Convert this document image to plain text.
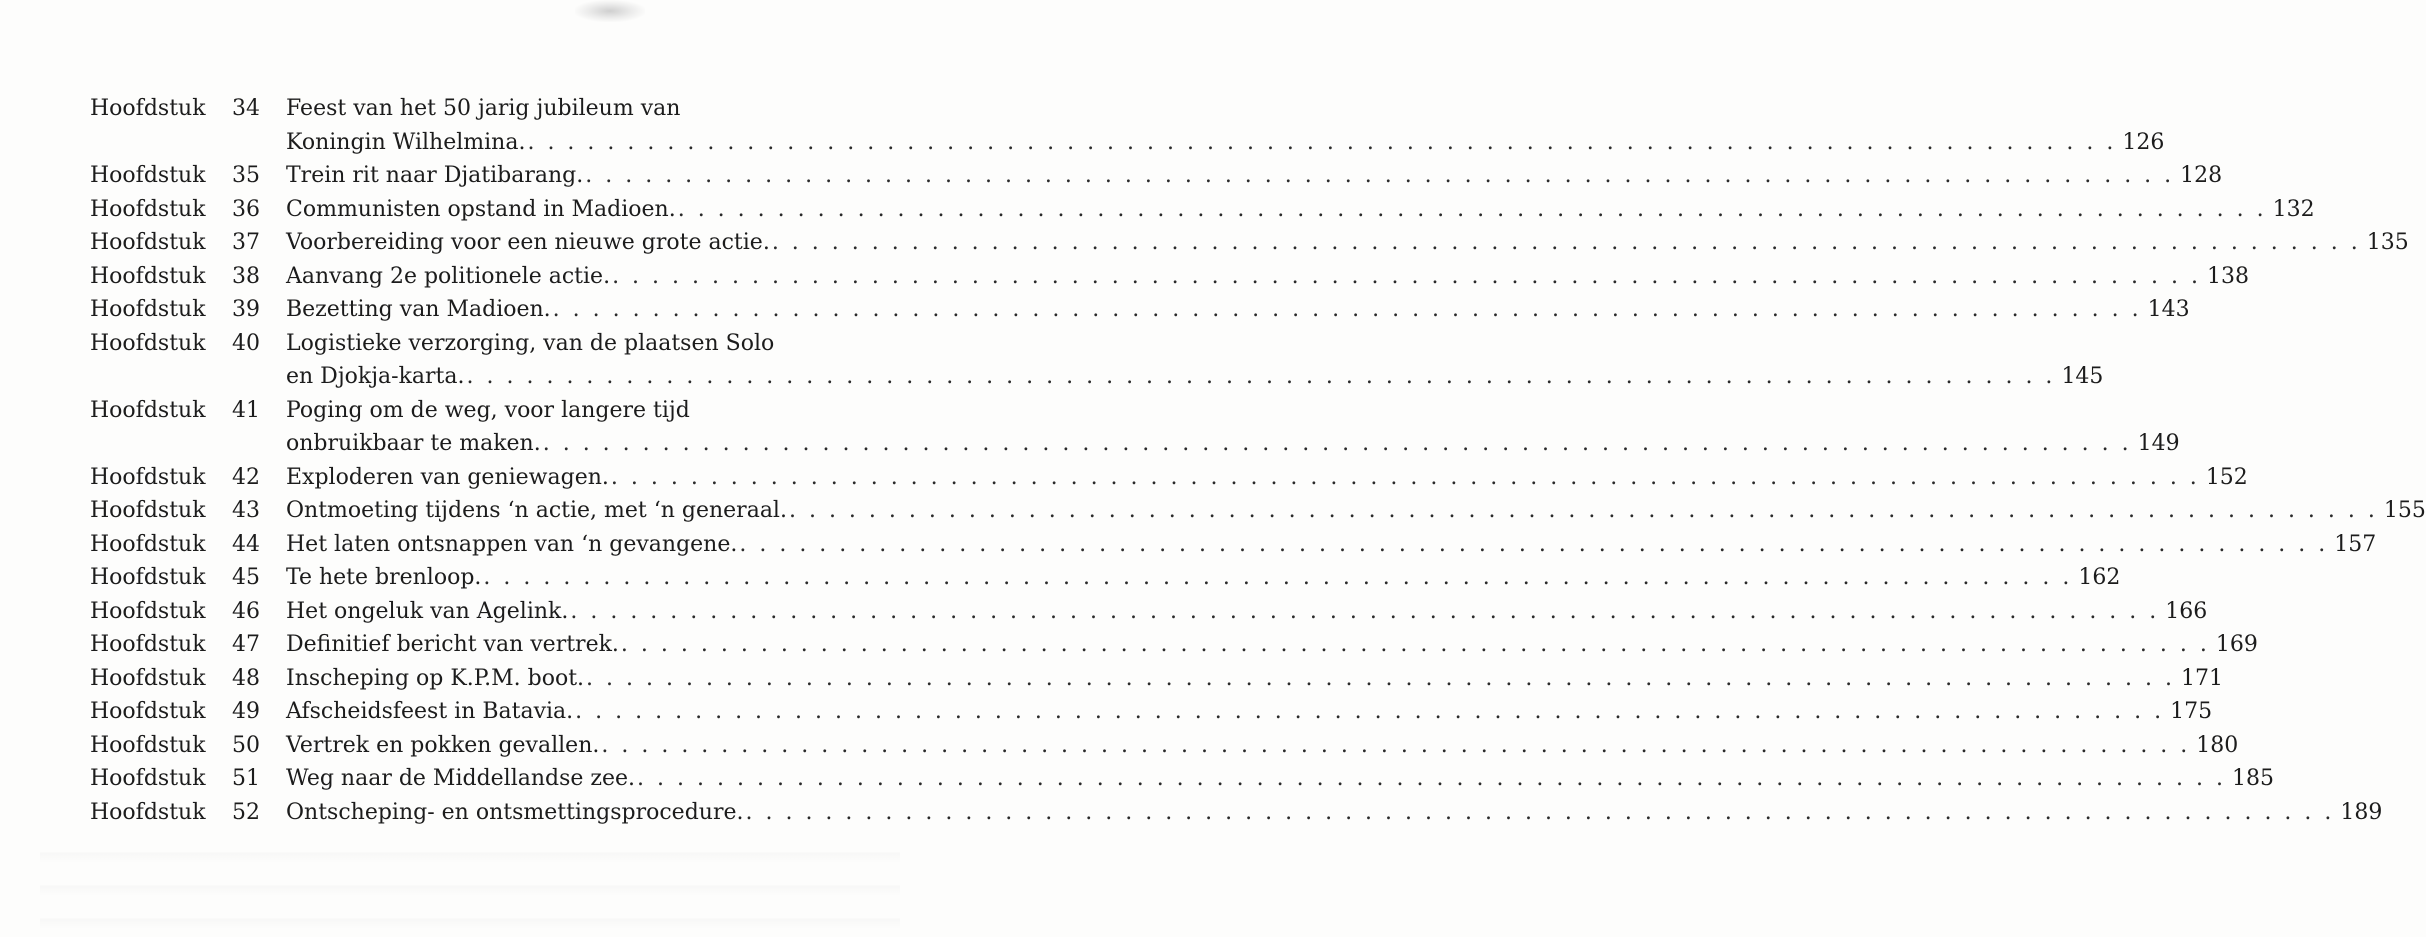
Hoofdstuk 34	Feest van het 50 jarig jubileum van
Koningin Wilhelmina. . . . . . . . . . . . . . . . . . . . . . . . . . . . . . . . . . . . . . . . . . . . . . . . . . . . . . . . . . . . . . . . . . . . . . . . . . . . . . . . . 126
Hoofdstuk 35	Trein rit naar Djatibarang. . . . . . . . . . . . . . . . . . . . . . . . . . . . . . . . . . . . . . . . . . . . . . . . . . . . . . . . . . . . . . . . . . . . . . . . . . . . . . . . . 128
Hoofdstuk 36	Communisten opstand in Madioen. . . . . . . . . . . . . . . . . . . . . . . . . . . . . . . . . . . . . . . . . . . . . . . . . . . . . . . . . . . . . . . . . . . . . . . . . . . . . . . . . 132
Hoofdstuk 37	Voorbereiding voor een nieuwe grote actie. . . . . . . . . . . . . . . . . . . . . . . . . . . . . . . . . . . . . . . . . . . . . . . . . . . . . . . . . . . . . . . . . . . . . . . . . . . . . . . . . 135
Hoofdstuk 38	Aanvang 2e politionele actie. . . . . . . . . . . . . . . . . . . . . . . . . . . . . . . . . . . . . . . . . . . . . . . . . . . . . . . . . . . . . . . . . . . . . . . . . . . . . . . . . 138
Hoofdstuk 39	Bezetting van Madioen. . . . . . . . . . . . . . . . . . . . . . . . . . . . . . . . . . . . . . . . . . . . . . . . . . . . . . . . . . . . . . . . . . . . . . . . . . . . . . . . . 143
Hoofdstuk 40	Logistieke verzorging, van de plaatsen Solo
en Djokja-karta. . . . . . . . . . . . . . . . . . . . . . . . . . . . . . . . . . . . . . . . . . . . . . . . . . . . . . . . . . . . . . . . . . . . . . . . . . . . . . . . . 145
Hoofdstuk 41	Poging om de weg, voor langere tijd
onbruikbaar te maken. . . . . . . . . . . . . . . . . . . . . . . . . . . . . . . . . . . . . . . . . . . . . . . . . . . . . . . . . . . . . . . . . . . . . . . . . . . . . . . . . 149
Hoofdstuk 42	Exploderen van geniewagen. . . . . . . . . . . . . . . . . . . . . . . . . . . . . . . . . . . . . . . . . . . . . . . . . . . . . . . . . . . . . . . . . . . . . . . . . . . . . . . . . 152
Hoofdstuk 43	Ontmoeting tijdens ‘n actie, met ‘n generaal. . . . . . . . . . . . . . . . . . . . . . . . . . . . . . . . . . . . . . . . . . . . . . . . . . . . . . . . . . . . . . . . . . . . . . . . . . . . . . . . . 155
Hoofdstuk 44	Het laten ontsnappen van ‘n gevangene. . . . . . . . . . . . . . . . . . . . . . . . . . . . . . . . . . . . . . . . . . . . . . . . . . . . . . . . . . . . . . . . . . . . . . . . . . . . . . . . . 157
Hoofdstuk 45	Te hete brenloop. . . . . . . . . . . . . . . . . . . . . . . . . . . . . . . . . . . . . . . . . . . . . . . . . . . . . . . . . . . . . . . . . . . . . . . . . . . . . . . . . 162
Hoofdstuk 46	Het ongeluk van Agelink. . . . . . . . . . . . . . . . . . . . . . . . . . . . . . . . . . . . . . . . . . . . . . . . . . . . . . . . . . . . . . . . . . . . . . . . . . . . . . . . . 166
Hoofdstuk 47	Definitief bericht van vertrek. . . . . . . . . . . . . . . . . . . . . . . . . . . . . . . . . . . . . . . . . . . . . . . . . . . . . . . . . . . . . . . . . . . . . . . . . . . . . . . . . 169
Hoofdstuk 48	Inscheping op K.P.M. boot. . . . . . . . . . . . . . . . . . . . . . . . . . . . . . . . . . . . . . . . . . . . . . . . . . . . . . . . . . . . . . . . . . . . . . . . . . . . . . . . . 171
Hoofdstuk 49	Afscheidsfeest in Batavia. . . . . . . . . . . . . . . . . . . . . . . . . . . . . . . . . . . . . . . . . . . . . . . . . . . . . . . . . . . . . . . . . . . . . . . . . . . . . . . . . 175
Hoofdstuk 50	Vertrek en pokken gevallen. . . . . . . . . . . . . . . . . . . . . . . . . . . . . . . . . . . . . . . . . . . . . . . . . . . . . . . . . . . . . . . . . . . . . . . . . . . . . . . . . 180
Hoofdstuk 51	Weg naar de Middellandse zee. . . . . . . . . . . . . . . . . . . . . . . . . . . . . . . . . . . . . . . . . . . . . . . . . . . . . . . . . . . . . . . . . . . . . . . . . . . . . . . . . 185
Hoofdstuk 52	Ontscheping- en ontsmettingsprocedure. . . . . . . . . . . . . . . . . . . . . . . . . . . . . . . . . . . . . . . . . . . . . . . . . . . . . . . . . . . . . . . . . . . . . . . . . . . . . . . . . 189
